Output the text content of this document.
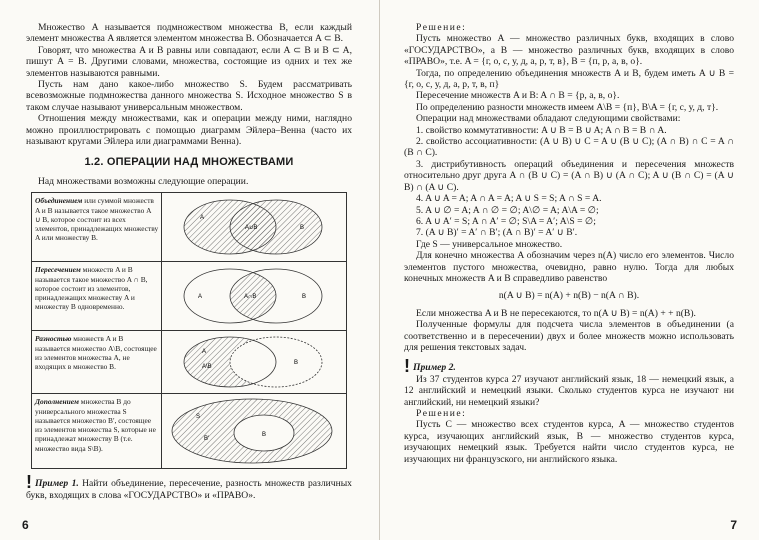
Множество A называется подмножеством множества B, если каждый элемент множества A является элементом множества B. Обозначается A ⊂ B.

Говорят, что множества A и B равны или совпадают, если A ⊂ B и B ⊂ A, пишут A = B. Другими словами, множества, состоящие из одних и тех же элементов называются равными.

Пусть нам дано какое-либо множество S. Будем рассматривать всевозможные подмножества данного множества S. Исходное множество S в таком случае называют универсальным множеством.

Отношения между множествами, как и операции между ними, наглядно можно проиллюстрировать с помощью диаграмм Эйлера–Венна (часто их называют кругами Эйлера или диаграммами Венна).

1.2. ОПЕРАЦИИ НАД МНОЖЕСТВАМИ

Над множествами возможны следующие операции.

Объединением или суммой множеств A и B называется такое множество A ∪ B, которое состоит из всех элементов, принадлежащих множеству A или множеству B.	A
A∪B B

Пересечением множеств A и B называется такое множество A ∩ B, которое состоит из элементов, принадлежащих множеству A и множеству B одновременно.	A A∩B B

Разностью множеств A и B называется множество A\B, состоящее из элементов множества A, не входящих в множество B.	A
A\B
B

Дополнением множества B до универсального множества S называется множество B′, состоящее из элементов множества S, которые не принадлежат множеству B (т.е. множество вида S\B).	S
B′
B

! Пример 1. Найти объединение, пересечение, разность множеств различных букв, входящих в слова «ГОСУДАРСТВО» и «ПРАВО».

6

Решение:

Пусть множество A — множество различных букв, входящих в слово «ГОСУДАРСТВО», а B — множество различных букв, входящих в слово «ПРАВО», т.е. A = {г, о, с, у, д, а, р, т, в}, B = {п, р, а, в, о}.

Тогда, по определению объединения множеств A и B, будем иметь A ∪ B = {г, о, с, у, д, а, р, т, в, п}

Пересечение множеств A и B: A ∩ B = {р, а, в, о}.

По определению разности множеств имеем A\B = {п}, B\A = {г, с, у, д, т}.

Операции над множествами обладают следующими свойствами:

1. свойство коммутативности: A ∪ B = B ∪ A; A ∩ B = B ∩ A.

2. свойство ассоциативности: (A ∪ B) ∪ C = A ∪ (B ∪ C); (A ∩ B) ∩ C = A ∩ (B ∩ C).

3. дистрибутивность операций объединения и пересечения множеств относительно друг друга A ∩ (B ∪ C) = (A ∩ B) ∪ (A ∩ C); A ∪ (B ∩ C) = (A ∪ B) ∩ (A ∪ C).

4. A ∪ A = A; A ∩ A = A; A ∪ S = S; A ∩ S = A.

5. A ∪ ∅ = A; A ∩ ∅ = ∅; A\∅ = A; A\A = ∅;

6. A ∪ A′ = S; A ∩ A′ = ∅; S\A = A′; A\S = ∅;

7. (A ∪ B)′ = A′ ∩ B′; (A ∩ B)′ = A′ ∪ B′.

Где S — универсальное множество.

Для конечно множества A обозначим через n(A) число его элементов. Число элементов пустого множества, очевидно, равно нулю. Тогда для любых конечных множеств A и B справедливо равенство

n(A ∪ B) = n(A) + n(B) − n(A ∩ B).

Если множества A и B не пересекаются, то n(A ∪ B) = n(A) + + n(B).

Полученные формулы для подсчета числа элементов в объединении (а соответственно и в пересечении) двух и более множеств можно использовать для решения текстовых задач.

! Пример 2.

Из 37 студентов курса 27 изучают английский язык, 18 — немецкий язык, а 12 английский и немецкий языки. Сколько студентов курса не изучают ни английский, ни немецкий языки?

Решение:

Пусть C — множество всех студентов курса, A — множество студентов курса, изучающих английский язык, B — множество студентов курса, изучающих немецкий язык. Требуется найти число студентов курса, не изучающих ни французского, ни английского языка.

7
